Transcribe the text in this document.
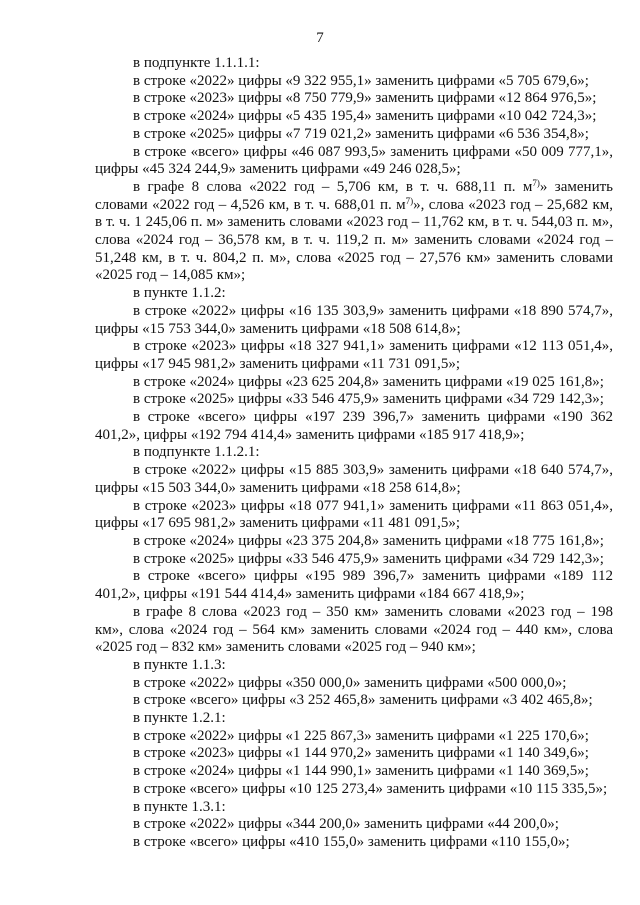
7

в подпункте 1.1.1.1:

в строке «2022» цифры «9 322 955,1» заменить цифрами «5 705 679,6»;

в строке «2023» цифры «8 750 779,9» заменить цифрами «12 864 976,5»;

в строке «2024» цифры «5 435 195,4» заменить цифрами «10 042 724,3»;

в строке «2025» цифры «7 719 021,2» заменить цифрами «6 536 354,8»;

в строке «всего» цифры «46 087 993,5» заменить цифрами «50 009 777,1», цифры «45 324 244,9» заменить цифрами «49 246 028,5»;

в графе 8 слова «2022 год – 5,706 км, в т. ч. 688,11 п. $м^{7)}$» заменить словами «2022 год – 4,526 км, в т. ч. 688,01 п. $м^{7)}$», слова «2023 год – 25,682 км, в т. ч. 1 245,06 п. м» заменить словами «2023 год – 11,762 км, в т. ч. 544,03 п. м», слова «2024 год – 36,578 км, в т. ч. 119,2 п. м» заменить словами «2024 год – 51,248 км, в т. ч. 804,2 п. м», слова «2025 год – 27,576 км» заменить словами «2025 год – 14,085 км»;

в пункте 1.1.2:

в строке «2022» цифры «16 135 303,9» заменить цифрами «18 890 574,7», цифры «15 753 344,0» заменить цифрами «18 508 614,8»;

в строке «2023» цифры «18 327 941,1» заменить цифрами «12 113 051,4», цифры «17 945 981,2» заменить цифрами «11 731 091,5»;

в строке «2024» цифры «23 625 204,8» заменить цифрами «19 025 161,8»;

в строке «2025» цифры «33 546 475,9» заменить цифрами «34 729 142,3»;

в строке «всего» цифры «197 239 396,7» заменить цифрами «190 362 401,2», цифры «192 794 414,4» заменить цифрами «185 917 418,9»;

в подпункте 1.1.2.1:

в строке «2022» цифры «15 885 303,9» заменить цифрами «18 640 574,7», цифры «15 503 344,0» заменить цифрами «18 258 614,8»;

в строке «2023» цифры «18 077 941,1» заменить цифрами «11 863 051,4», цифры «17 695 981,2» заменить цифрами «11 481 091,5»;

в строке «2024» цифры «23 375 204,8» заменить цифрами «18 775 161,8»;

в строке «2025» цифры «33 546 475,9» заменить цифрами «34 729 142,3»;

в строке «всего» цифры «195 989 396,7» заменить цифрами «189 112 401,2», цифры «191 544 414,4» заменить цифрами «184 667 418,9»;

в графе 8 слова «2023 год – 350 км» заменить словами «2023 год – 198 км», слова «2024 год – 564 км» заменить словами «2024 год – 440 км», слова «2025 год – 832 км» заменить словами «2025 год – 940 км»;

в пункте 1.1.3:

в строке «2022» цифры «350 000,0» заменить цифрами «500 000,0»;

в строке «всего» цифры «3 252 465,8» заменить цифрами «3 402 465,8»;

в пункте 1.2.1:

в строке «2022» цифры «1 225 867,3» заменить цифрами «1 225 170,6»;

в строке «2023» цифры «1 144 970,2» заменить цифрами «1 140 349,6»;

в строке «2024» цифры «1 144 990,1» заменить цифрами «1 140 369,5»;

в строке «всего» цифры «10 125 273,4» заменить цифрами «10 115 335,5»;

в пункте 1.3.1:

в строке «2022» цифры «344 200,0» заменить цифрами «44 200,0»;

в строке «всего» цифры «410 155,0» заменить цифрами «110 155,0»;
